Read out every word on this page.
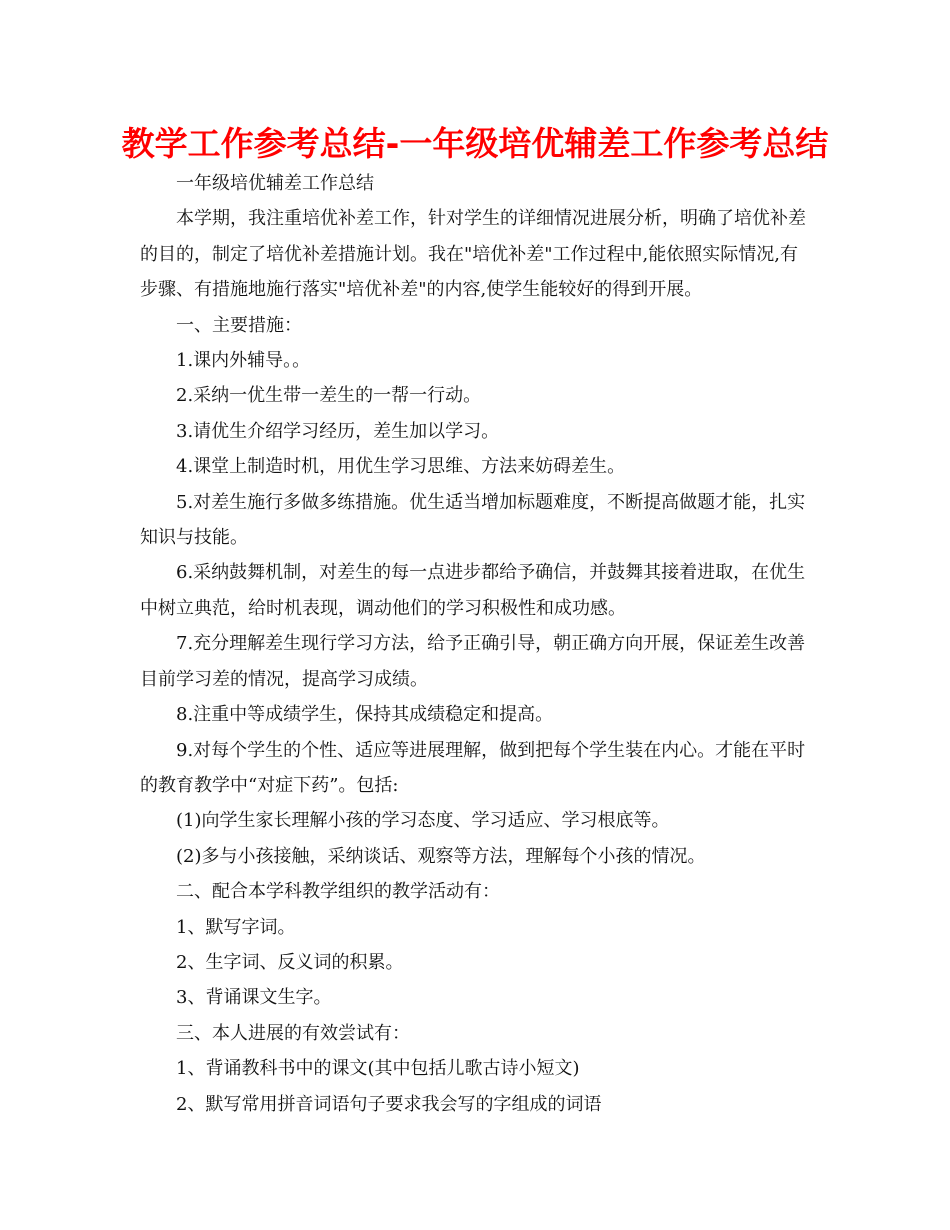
教学工作参考总结-一年级培优辅差工作参考总结

一年级培优辅差工作总结

本学期，我注重培优补差工作，针对学生的详细情况进展分析，明确了培优补差的目的，制定了培优补差措施计划。我在"培优补差"工作过程中,能依照实际情况,有步骤、有措施地施行落实"培优补差"的内容,使学生能较好的得到开展。

一、主要措施：

1.课内外辅导。。

2.采纳一优生带一差生的一帮一行动。

3.请优生介绍学习经历，差生加以学习。

4.课堂上制造时机，用优生学习思维、方法来妨碍差生。

5.对差生施行多做多练措施。优生适当增加标题难度，不断提高做题才能，扎实知识与技能。

6.采纳鼓舞机制，对差生的每一点进步都给予确信，并鼓舞其接着进取，在优生中树立典范，给时机表现，调动他们的学习积极性和成功感。

7.充分理解差生现行学习方法，给予正确引导，朝正确方向开展，保证差生改善目前学习差的情况，提高学习成绩。

8.注重中等成绩学生，保持其成绩稳定和提高。

9.对每个学生的个性、适应等进展理解，做到把每个学生装在内心。才能在平时的教育教学中“对症下药”。包括:

(1)向学生家长理解小孩的学习态度、学习适应、学习根底等。

(2)多与小孩接触，采纳谈话、观察等方法，理解每个小孩的情况。

二、配合本学科教学组织的教学活动有：

1、默写字词。

2、生字词、反义词的积累。

3、背诵课文生字。

三、本人进展的有效尝试有：

1、背诵教科书中的课文(其中包括儿歌古诗小短文)

2、默写常用拼音词语句子要求我会写的字组成的词语
